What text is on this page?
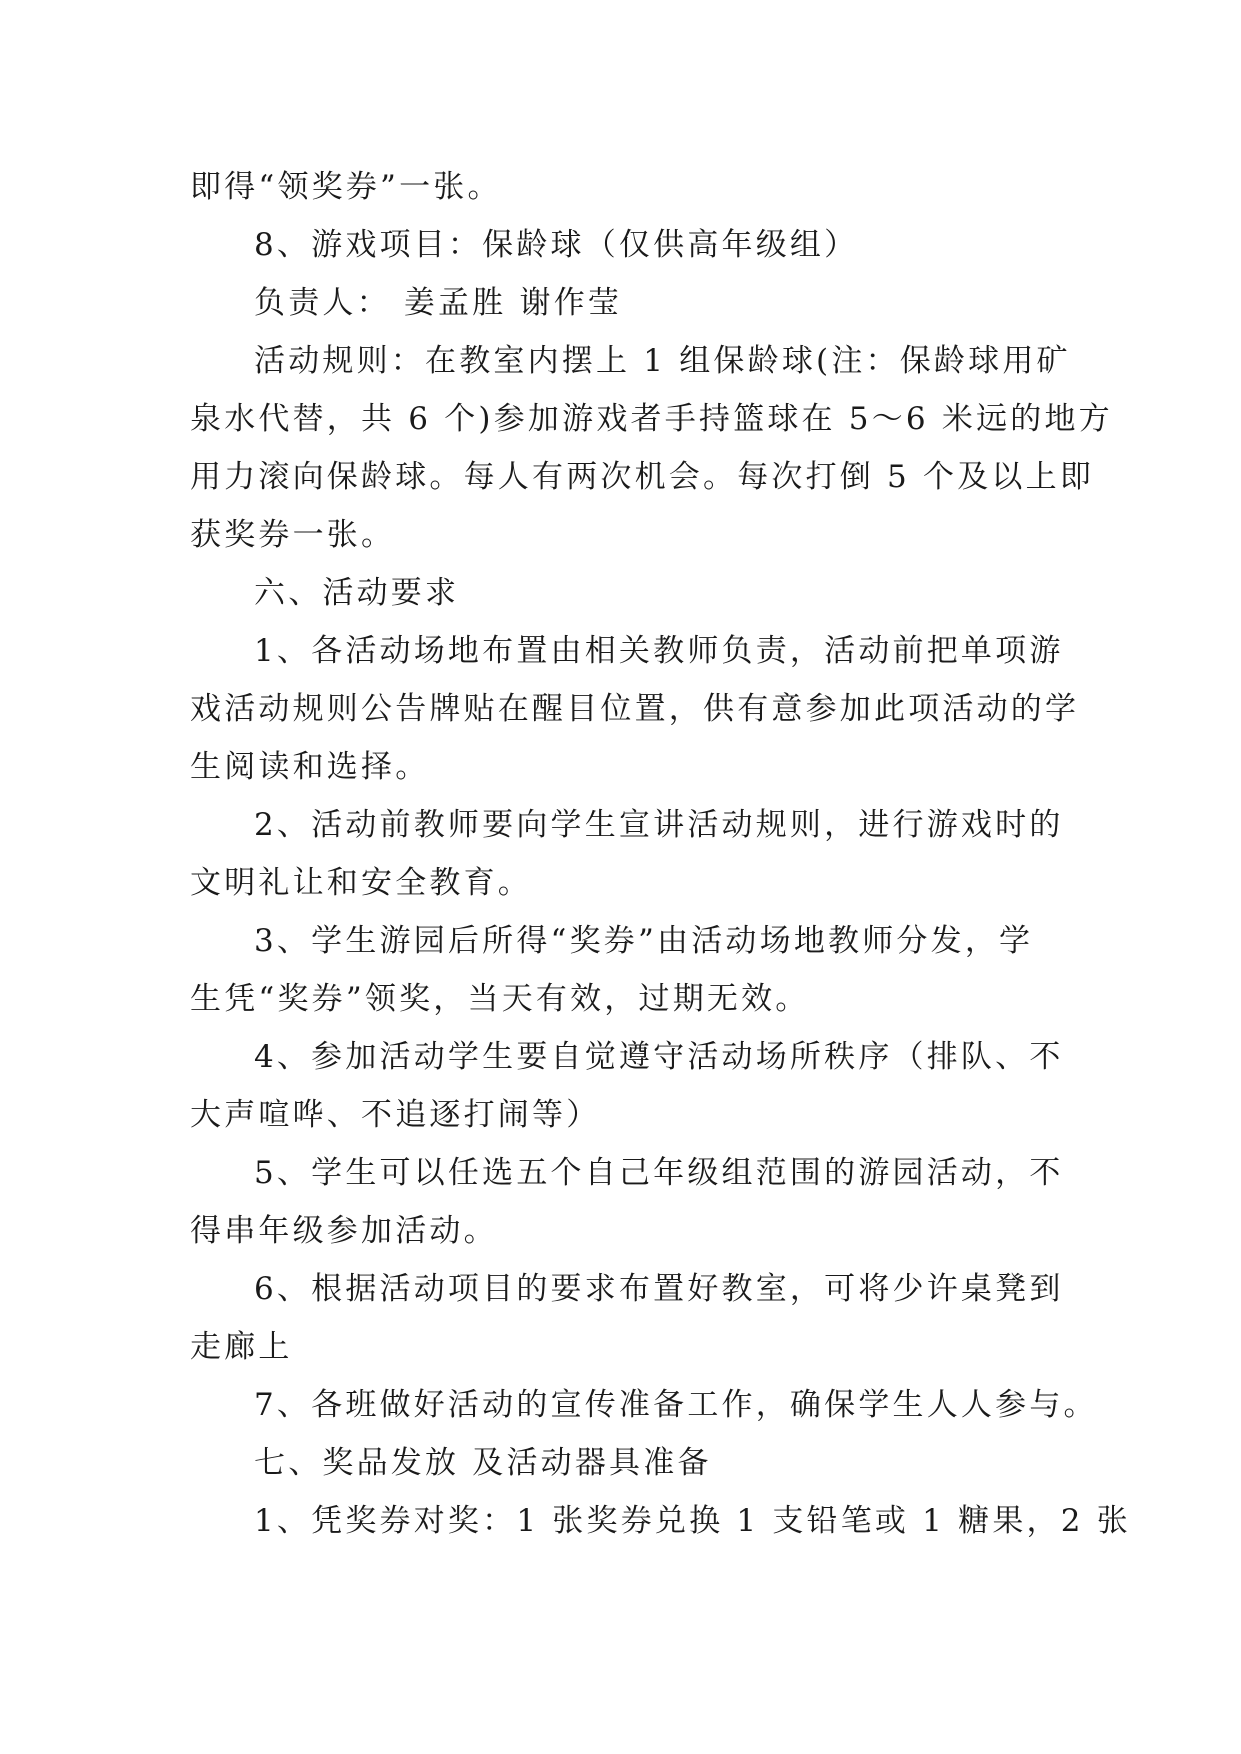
即得“领奖券”一张。
8、游戏项目：保龄球（仅供高年级组）
负责人： 姜孟胜 谢作莹
活动规则：在教室内摆上 1 组保龄球(注：保龄球用矿
泉水代替，共 6 个)参加游戏者手持篮球在 5～6 米远的地方
用力滚向保龄球。每人有两次机会。每次打倒 5 个及以上即
获奖券一张。
六、活动要求
1、各活动场地布置由相关教师负责，活动前把单项游
戏活动规则公告牌贴在醒目位置，供有意参加此项活动的学
生阅读和选择。
2、活动前教师要向学生宣讲活动规则，进行游戏时的
文明礼让和安全教育。
3、学生游园后所得“奖券”由活动场地教师分发，学
生凭“奖券”领奖，当天有效，过期无效。
4、参加活动学生要自觉遵守活动场所秩序（排队、不
大声喧哗、不追逐打闹等）
5、学生可以任选五个自己年级组范围的游园活动，不
得串年级参加活动。
6、根据活动项目的要求布置好教室，可将少许桌凳到
走廊上
7、各班做好活动的宣传准备工作，确保学生人人参与。
七、奖品发放 及活动器具准备
1、凭奖券对奖：1 张奖券兑换 1 支铅笔或 1 糖果，2 张
